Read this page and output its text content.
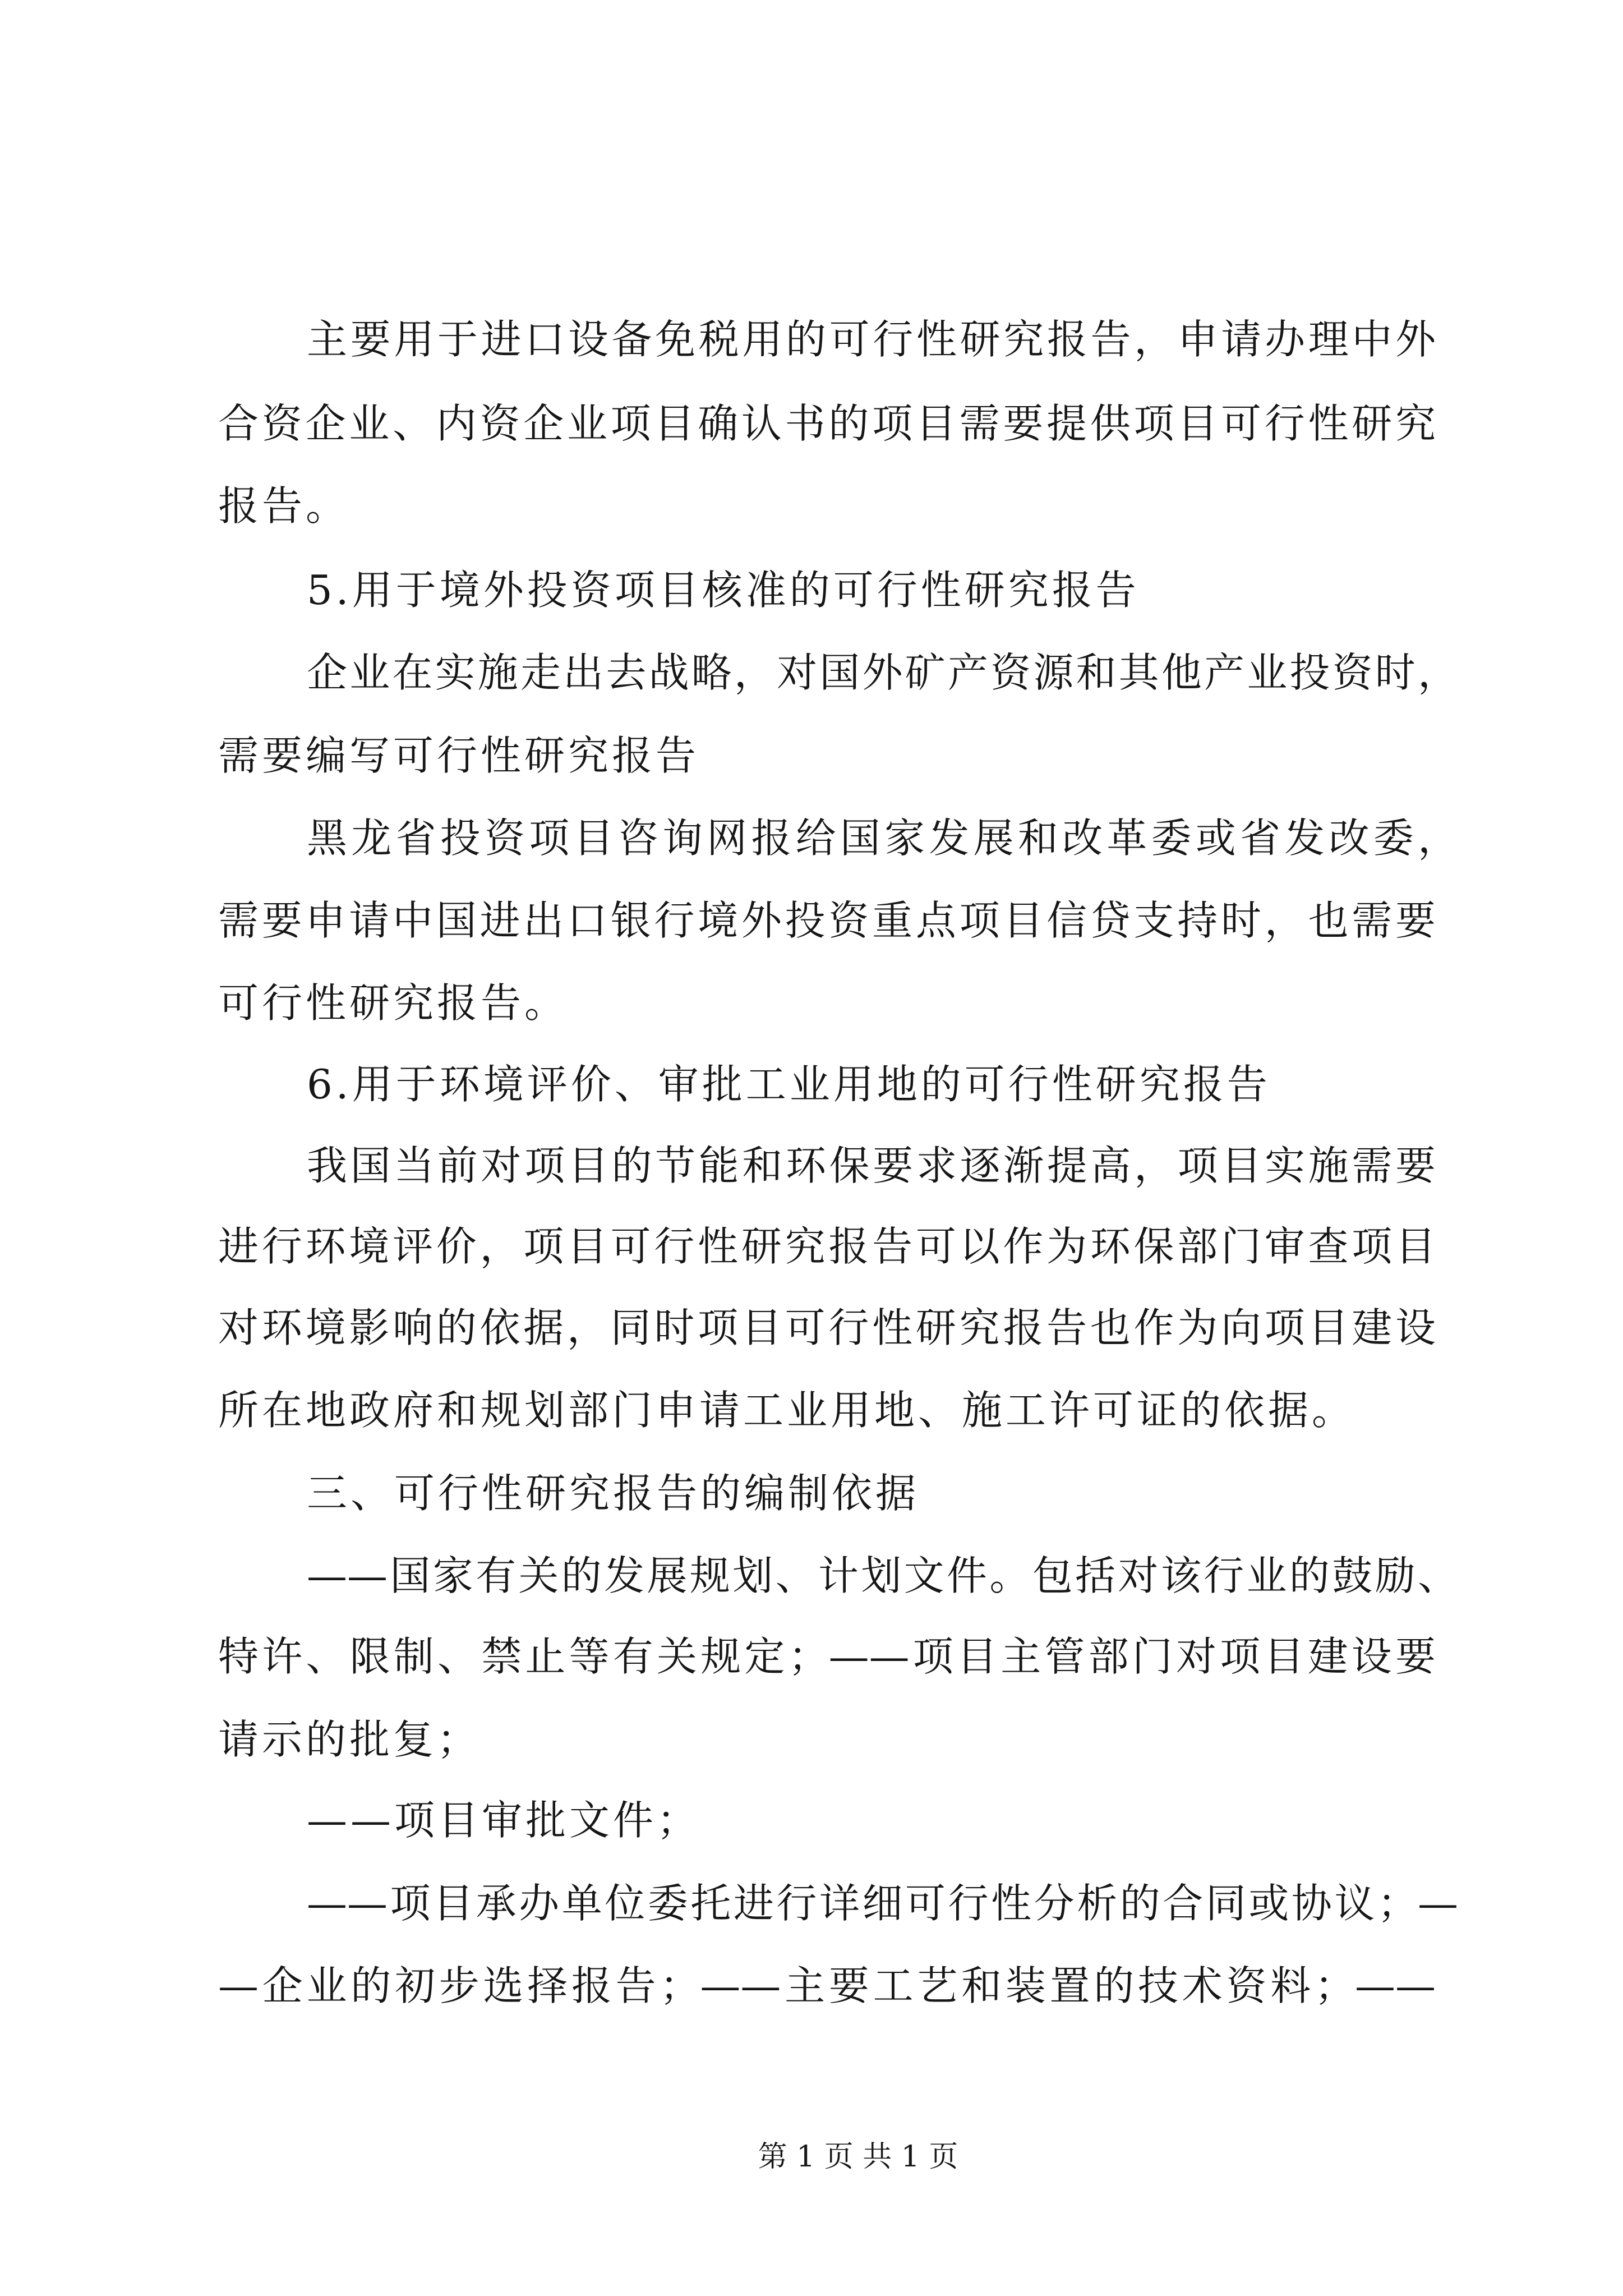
主要用于进口设备免税用的可行性研究报告，申请办理中外
合资企业、内资企业项目确认书的项目需要提供项目可行性研究
报告。
5.用于境外投资项目核准的可行性研究报告
企业在实施走出去战略，对国外矿产资源和其他产业投资时，
需要编写可行性研究报告
黑龙省投资项目咨询网报给国家发展和改革委或省发改委，
需要申请中国进出口银行境外投资重点项目信贷支持时，也需要
可行性研究报告。
6.用于环境评价、审批工业用地的可行性研究报告
我国当前对项目的节能和环保要求逐渐提高，项目实施需要
进行环境评价，项目可行性研究报告可以作为环保部门审查项目
对环境影响的依据，同时项目可行性研究报告也作为向项目建设
所在地政府和规划部门申请工业用地、施工许可证的依据。
三、可行性研究报告的编制依据
——国家有关的发展规划、计划文件。包括对该行业的鼓励、
特许、限制、禁止等有关规定；——项目主管部门对项目建设要
请示的批复；
——项目审批文件；
——项目承办单位委托进行详细可行性分析的合同或协议；—
—企业的初步选择报告；——主要工艺和装置的技术资料；——
第 1 页 共 1 页
